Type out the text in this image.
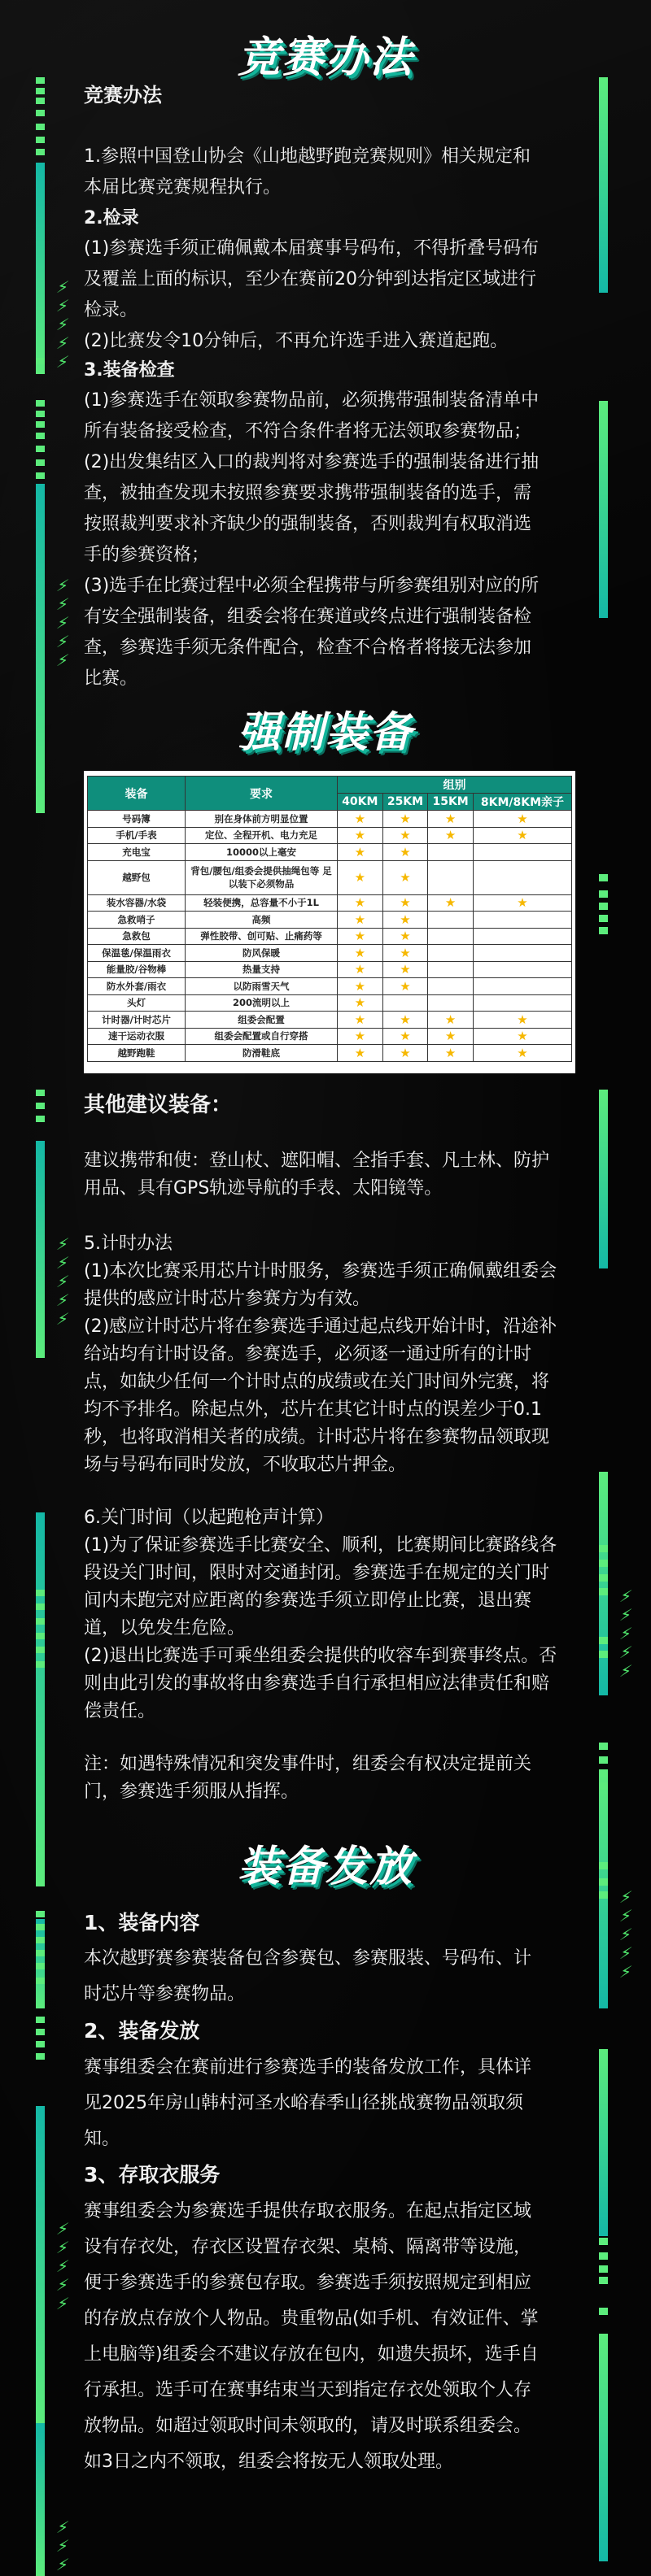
⚡
⚡
⚡
⚡
⚡
⚡
⚡
⚡
⚡
⚡
⚡
⚡
⚡
⚡
⚡
⚡
⚡
⚡
⚡
⚡
⚡
⚡
⚡
⚡
⚡
⚡
⚡
⚡
⚡
⚡
⚡
⚡
⚡
竞赛办法
竞赛办法
1.参照中国登山协会《山地越野跑竞赛规则》相关规定和
本届比赛竞赛规程执行。
2.检录
(1)参赛选手须正确佩戴本届赛事号码布，不得折叠号码布
及覆盖上面的标识，至少在赛前20分钟到达指定区域进行
检录。
(2)比赛发令10分钟后，不再允许选手进入赛道起跑。
3.装备检查
(1)参赛选手在领取参赛物品前，必须携带强制装备清单中
所有装备接受检查，不符合条件者将无法领取参赛物品；
(2)出发集结区入口的裁判将对参赛选手的强制装备进行抽
查，被抽查发现未按照参赛要求携带强制装备的选手，需
按照裁判要求补齐缺少的强制装备，否则裁判有权取消选
手的参赛资格；
(3)选手在比赛过程中必须全程携带与所参赛组别对应的所
有安全强制装备，组委会将在赛道或终点进行强制装备检
查，参赛选手须无条件配合，检查不合格者将接无法参加
比赛。
强制装备
装备	要求	组别			
		40KM	25KM	15KM	8KM/8KM亲子
号码簿	别在身体前方明显位置	★	★	★	★
手机/手表	定位、全程开机、电力充足	★	★	★	★
充电宝	10000以上毫安	★	★		
越野包	背包/腰包/组委会提供抽绳包等 足以装下必须物品	★	★		
装水容器/水袋	轻装便携，总容量不小于1L	★	★	★	★
急救哨子	高频	★	★		
急救包	弹性胶带、创可贴、止痛药等	★	★		
保温毯/保温雨衣	防风保暖	★	★		
能量胶/谷物棒	热量支持	★	★		
防水外套/雨衣	以防雨雪天气	★	★		
头灯	200流明以上	★			
计时器/计时芯片	组委会配置	★	★	★	★
速干运动衣服	组委会配置或自行穿搭	★	★	★	★
越野跑鞋	防滑鞋底	★	★	★	★
其他建议装备：
建议携带和使：登山杖、遮阳帽、全指手套、凡士林、防护
用品、具有GPS轨迹导航的手表、太阳镜等。
5.计时办法
(1)本次比赛采用芯片计时服务，参赛选手须正确佩戴组委会
提供的感应计时芯片参赛方为有效。
(2)感应计时芯片将在参赛选手通过起点线开始计时，沿途补
给站均有计时设备。参赛选手，必须逐一通过所有的计时
点，如缺少任何一个计时点的成绩或在关门时间外完赛，将
均不予排名。除起点外，芯片在其它计时点的误差少于0.1
秒，也将取消相关者的成绩。计时芯片将在参赛物品领取现
场与号码布同时发放，不收取芯片押金。
6.关门时间（以起跑枪声计算）
(1)为了保证参赛选手比赛安全、顺利，比赛期间比赛路线各
段设关门时间，限时对交通封闭。参赛选手在规定的关门时
间内未跑完对应距离的参赛选手须立即停止比赛，退出赛
道，以免发生危险。
(2)退出比赛选手可乘坐组委会提供的收容车到赛事终点。否
则由此引发的事故将由参赛选手自行承担相应法律责任和赔
偿责任。
注：如遇特殊情况和突发事件时，组委会有权决定提前关
门，参赛选手须服从指挥。
装备发放
1、装备内容
本次越野赛参赛装备包含参赛包、参赛服装、号码布、计
时芯片等参赛物品。
2、装备发放
赛事组委会在赛前进行参赛选手的装备发放工作，具体详
见2025年房山韩村河圣水峪春季山径挑战赛物品领取须
知。
3、存取衣服务
赛事组委会为参赛选手提供存取衣服务。在起点指定区域
设有存衣处，存衣区设置存衣架、桌椅、隔离带等设施，
便于参赛选手的参赛包存取。参赛选手须按照规定到相应
的存放点存放个人物品。贵重物品(如手机、有效证件、掌
上电脑等)组委会不建议存放在包内，如遗失损坏，选手自
行承担。选手可在赛事结束当天到指定存衣处领取个人存
放物品。如超过领取时间未领取的，请及时联系组委会。
如3日之内不领取，组委会将按无人领取处理。
